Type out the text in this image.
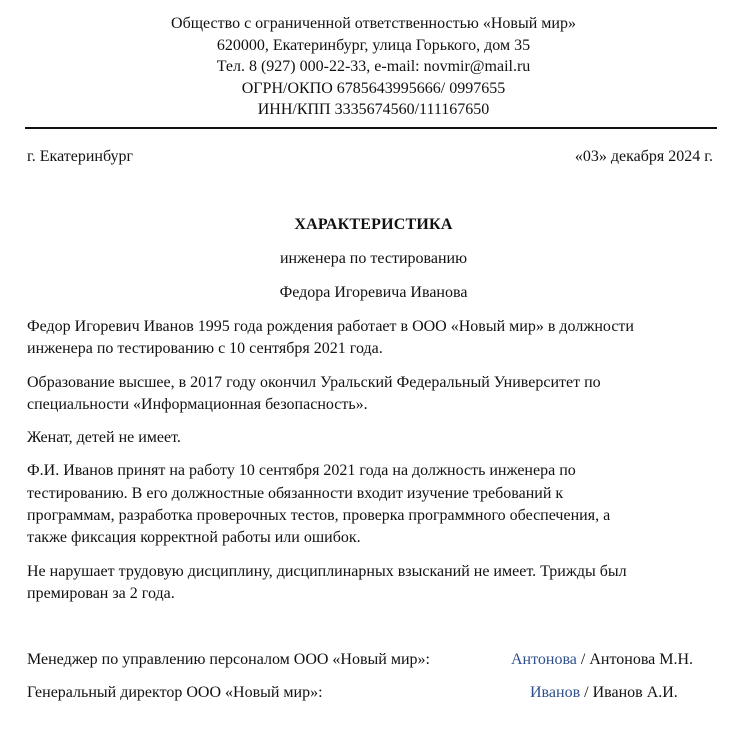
Общество с ограниченной ответственностью «Новый мир»
620000, Екатеринбург, улица Горького, дом 35
Тел. 8 (927) 000-22-33, e-mail: novmir@mail.ru
ОГРН/ОКПО 6785643995666/ 0997655
ИНН/КПП 3335674560/111167650
г. Екатеринбург	«03» декабря 2024 г.
ХАРАКТЕРИСТИКА
инженера по тестированию
Федора Игоревича Иванова

Федор Игоревич Иванов 1995 года рождения работает в ООО «Новый мир» в должности
инженера по тестированию с 10 сентября 2021 года.

Образование высшее, в 2017 году окончил Уральский Федеральный Университет по
специальности «Информационная безопасность».

Женат, детей не имеет.

Ф.И. Иванов принят на работу 10 сентября 2021 года на должность инженера по
тестированию. В его должностные обязанности входит изучение требований к
программам, разработка проверочных тестов, проверка программного обеспечения, а
также фиксация корректной работы или ошибок.

Не нарушает трудовую дисциплину, дисциплинарных взысканий не имеет. Трижды был
премирован за 2 года.

Менеджер по управлению персоналом ООО «Новый мир»:	Антонова / Антонова М.Н.
Генеральный директор ООО «Новый мир»:	Иванов / Иванов А.И.
